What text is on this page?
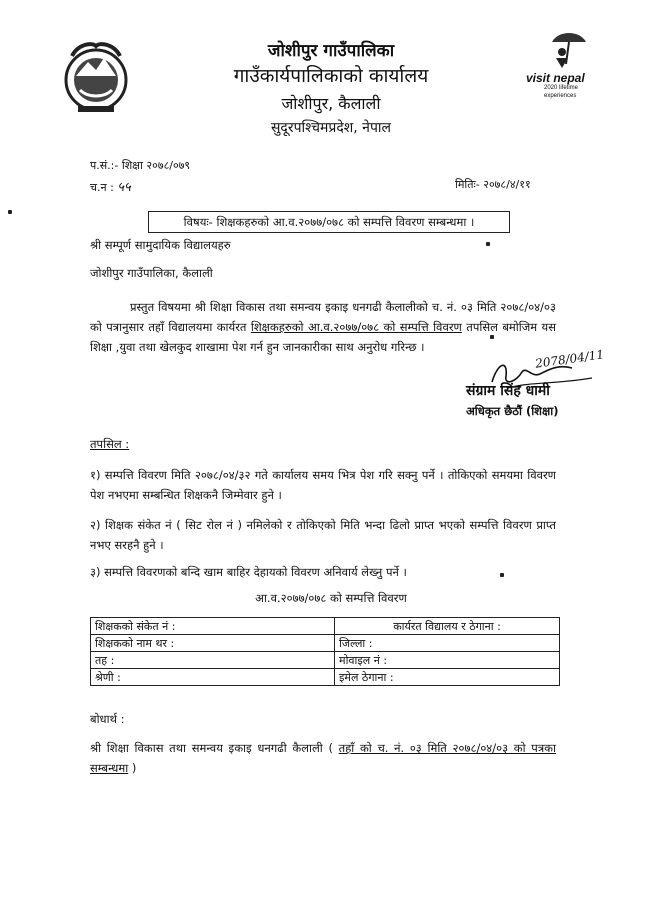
visit nepal
2020 lifetime experiences
जोशीपुर गाउँपालिका
गाउँकार्यपालिकाको कार्यालय
जोशीपुर, कैलाली
सुदूरपश्चिमप्रदेश, नेपाल
प.सं.:- शिक्षा २०७८/०७९
च.न : ५५	मितिः- २०७८/४/११
विषयः- शिक्षकहरुको आ.व.२०७७/०७८ को सम्पत्ति विवरण सम्बन्धमा ।
श्री सम्पूर्ण सामुदायिक विद्यालयहरु
जोशीपुर गाउँपालिका, कैलाली
प्रस्तुत विषयमा श्री शिक्षा विकास तथा समन्वय इकाइ धनगढी कैलालीको च. नं. ०३ मिति २०७८/०४/०३ को पत्रानुसार तहाँ विद्यालयमा कार्यरत शिक्षकहरुको आ.व.२०७७/०७८ को सम्पत्ति विवरण तपसिल बमोजिम यस शिक्षा ,युवा तथा खेलकुद शाखामा पेश गर्न हुन जानकारीका साथ अनुरोध गरिन्छ ।
2078/04/11
संग्राम सिंह धामी
अधिकृत छैठौं (शिक्षा)
तपसिल :
१) सम्पत्ति विवरण मिति २०७८/०४/३२ गते कार्यालय समय भित्र पेश गरि सक्नु पर्ने । तोकिएको समयमा विवरण पेश नभएमा सम्बन्धित शिक्षकनै जिम्मेवार हुने ।
२) शिक्षक संकेत नं ( सिट रोल नं ) नमिलेको र तोकिएको मिति भन्दा ढिलो प्राप्त भएको सम्पत्ति विवरण प्राप्त नभए सरहनै हुने ।
३) सम्पत्ति विवरणको बन्दि खाम बाहिर देहायको विवरण अनिवार्य लेख्नु पर्ने ।
आ.व.२०७७/०७८ को सम्पत्ति विवरण
शिक्षकको संकेत नं :	कार्यरत विद्यालय र ठेगाना :
शिक्षकको नाम थर :	जिल्ला :
तह :	मोवाइल नं :
श्रेणी :	इमेल ठेगाना :
बोधार्थ :
श्री शिक्षा विकास तथा समन्वय इकाइ धनगढी कैलाली ( तहाँ को च. नं. ०३ मिति २०७८/०४/०३ को पत्रका सम्बन्धमा )
